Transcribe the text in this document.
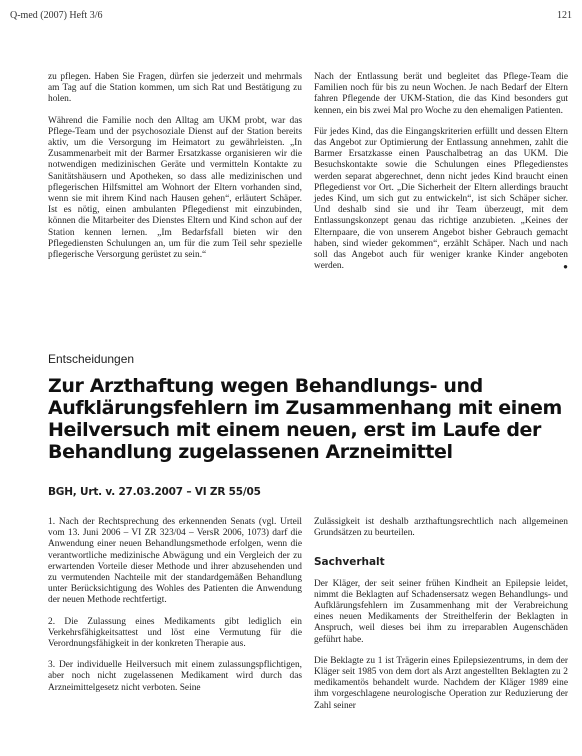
Q-med (2007) Heft 3/6	121

zu pflegen. Haben Sie Fragen, dürfen sie jederzeit und mehrmals am Tag auf die Station kommen, um sich Rat und Bestätigung zu holen.

Während die Familie noch den Alltag am UKM probt, war das Pflege-Team und der psychosoziale Dienst auf der Station bereits aktiv, um die Versorgung im Heimatort zu gewährleisten. „In Zusammenarbeit mit der Barmer Ersatzkasse organisieren wir die notwendigen medizinischen Geräte und vermitteln Kontakte zu Sanitätshäusern und Apotheken, so dass alle medizinischen und pflegerischen Hilfsmittel am Wohnort der Eltern vorhanden sind, wenn sie mit ihrem Kind nach Hausen gehen“, erläutert Schäper. Ist es nötig, einen ambulanten Pflegedienst mit einzubinden, können die Mitarbeiter des Dienstes Eltern und Kind schon auf der Station kennen lernen. „Im Bedarfsfall bieten wir den Pflegediensten Schulungen an, um für die zum Teil sehr spezielle pflegerische Versorgung gerüstet zu sein.“

Nach der Entlassung berät und begleitet das Pflege-Team die Familien noch für bis zu neun Wochen. Je nach Bedarf der Eltern fahren Pflegende der UKM-Station, die das Kind besonders gut kennen, ein bis zwei Mal pro Woche zu den ehemaligen Patienten.

Für jedes Kind, das die Eingangskriterien erfüllt und dessen Eltern das Angebot zur Optimierung der Entlassung annehmen, zahlt die Barmer Ersatzkasse einen Pauschalbetrag an das UKM. Die Besuchskontakte sowie die Schulungen eines Pflegedienstes werden separat abgerechnet, denn nicht jedes Kind braucht einen Pflegedienst vor Ort. „Die Sicherheit der Eltern allerdings braucht jedes Kind, um sich gut zu entwickeln“, ist sich Schäper sicher. Und deshalb sind sie und ihr Team überzeugt, mit dem Entlassungskonzept genau das richtige anzubieten. „Keines der Elternpaare, die von unserem Angebot bisher Gebrauch gemacht haben, sind wieder gekommen“, erzählt Schäper. Nach und nach soll das Angebot auch für weniger kranke Kinder angeboten werden.	●

Entscheidungen
Zur Arzthaftung wegen Behandlungs- und Aufklärungsfehlern im Zusammenhang mit einem Heilversuch mit einem neuen, erst im Laufe der Behandlung zugelassenen Arzneimittel
BGH, Urt. v. 27.03.2007 – VI ZR 55/05

1. Nach der Rechtsprechung des erkennenden Senats (vgl. Urteil vom 13. Juni 2006 – VI ZR 323/04 – VersR 2006, 1073) darf die Anwendung einer neuen Behandlungsmethode erfolgen, wenn die verantwortliche medizinische Abwägung und ein Vergleich der zu erwartenden Vorteile dieser Methode und ihrer abzusehenden und zu vermutenden Nachteile mit der standardgemäßen Behandlung unter Berücksichtigung des Wohles des Patienten die Anwendung der neuen Methode rechtfertigt.

2. Die Zulassung eines Medikaments gibt lediglich ein Verkehrsfähigkeitsattest und löst eine Vermutung für die Verordnungsfähigkeit in der konkreten Therapie aus.

3. Der individuelle Heilversuch mit einem zulassungspflichtigen, aber noch nicht zugelassenen Medikament wird durch das Arzneimittelgesetz nicht verboten. Seine

Zulässigkeit ist deshalb arzthaftungsrechtlich nach allgemeinen Grundsätzen zu beurteilen.

Sachverhalt

Der Kläger, der seit seiner frühen Kindheit an Epilepsie leidet, nimmt die Beklagten auf Schadensersatz wegen Behandlungs- und Aufklärungsfehlern im Zusammenhang mit der Verabreichung eines neuen Medikaments der Streithelferin der Beklagten in Anspruch, weil dieses bei ihm zu irreparablen Augenschäden geführt habe.

Die Beklagte zu 1 ist Trägerin eines Epilepsiezentrums, in dem der Kläger seit 1985 von dem dort als Arzt angestellten Beklagten zu 2 medikamentös behandelt wurde. Nachdem der Kläger 1989 eine ihm vorgeschlagene neurologische Operation zur Reduzierung der Zahl seiner
